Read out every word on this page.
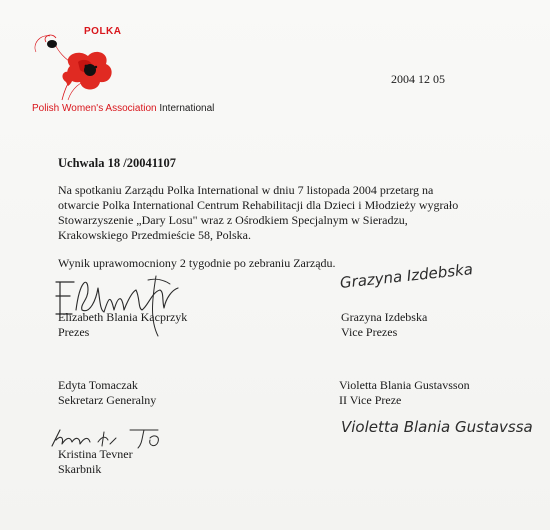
POLKA
Polish Women's Association International
2004 12 05
Uchwala 18 /20041107
Na spotkaniu Zarządu Polka International w dniu 7 listopada 2004 przetarg na
otwarcie Polka International Centrum Rehabilitacji dla Dzieci i Młodzieży wygrało
Stowarzyszenie „Dary Losu" wraz z Ośrodkiem Specjalnym w Sieradzu,
Krakowskiego Przedmieście 58, Polska.
Wynik uprawomocniony 2 tygodnie po zebraniu Zarządu.
Elizabeth Blania Kacprzyk
Prezes
Grazyna Izdebska
Grazyna Izdebska
Vice Prezes
Edyta Tomaczak
Sekretarz Generalny
Violetta Blania Gustavsson
II Vice Preze
Violetta Blania Gustavssa
Kristina Tevner
Skarbnik
